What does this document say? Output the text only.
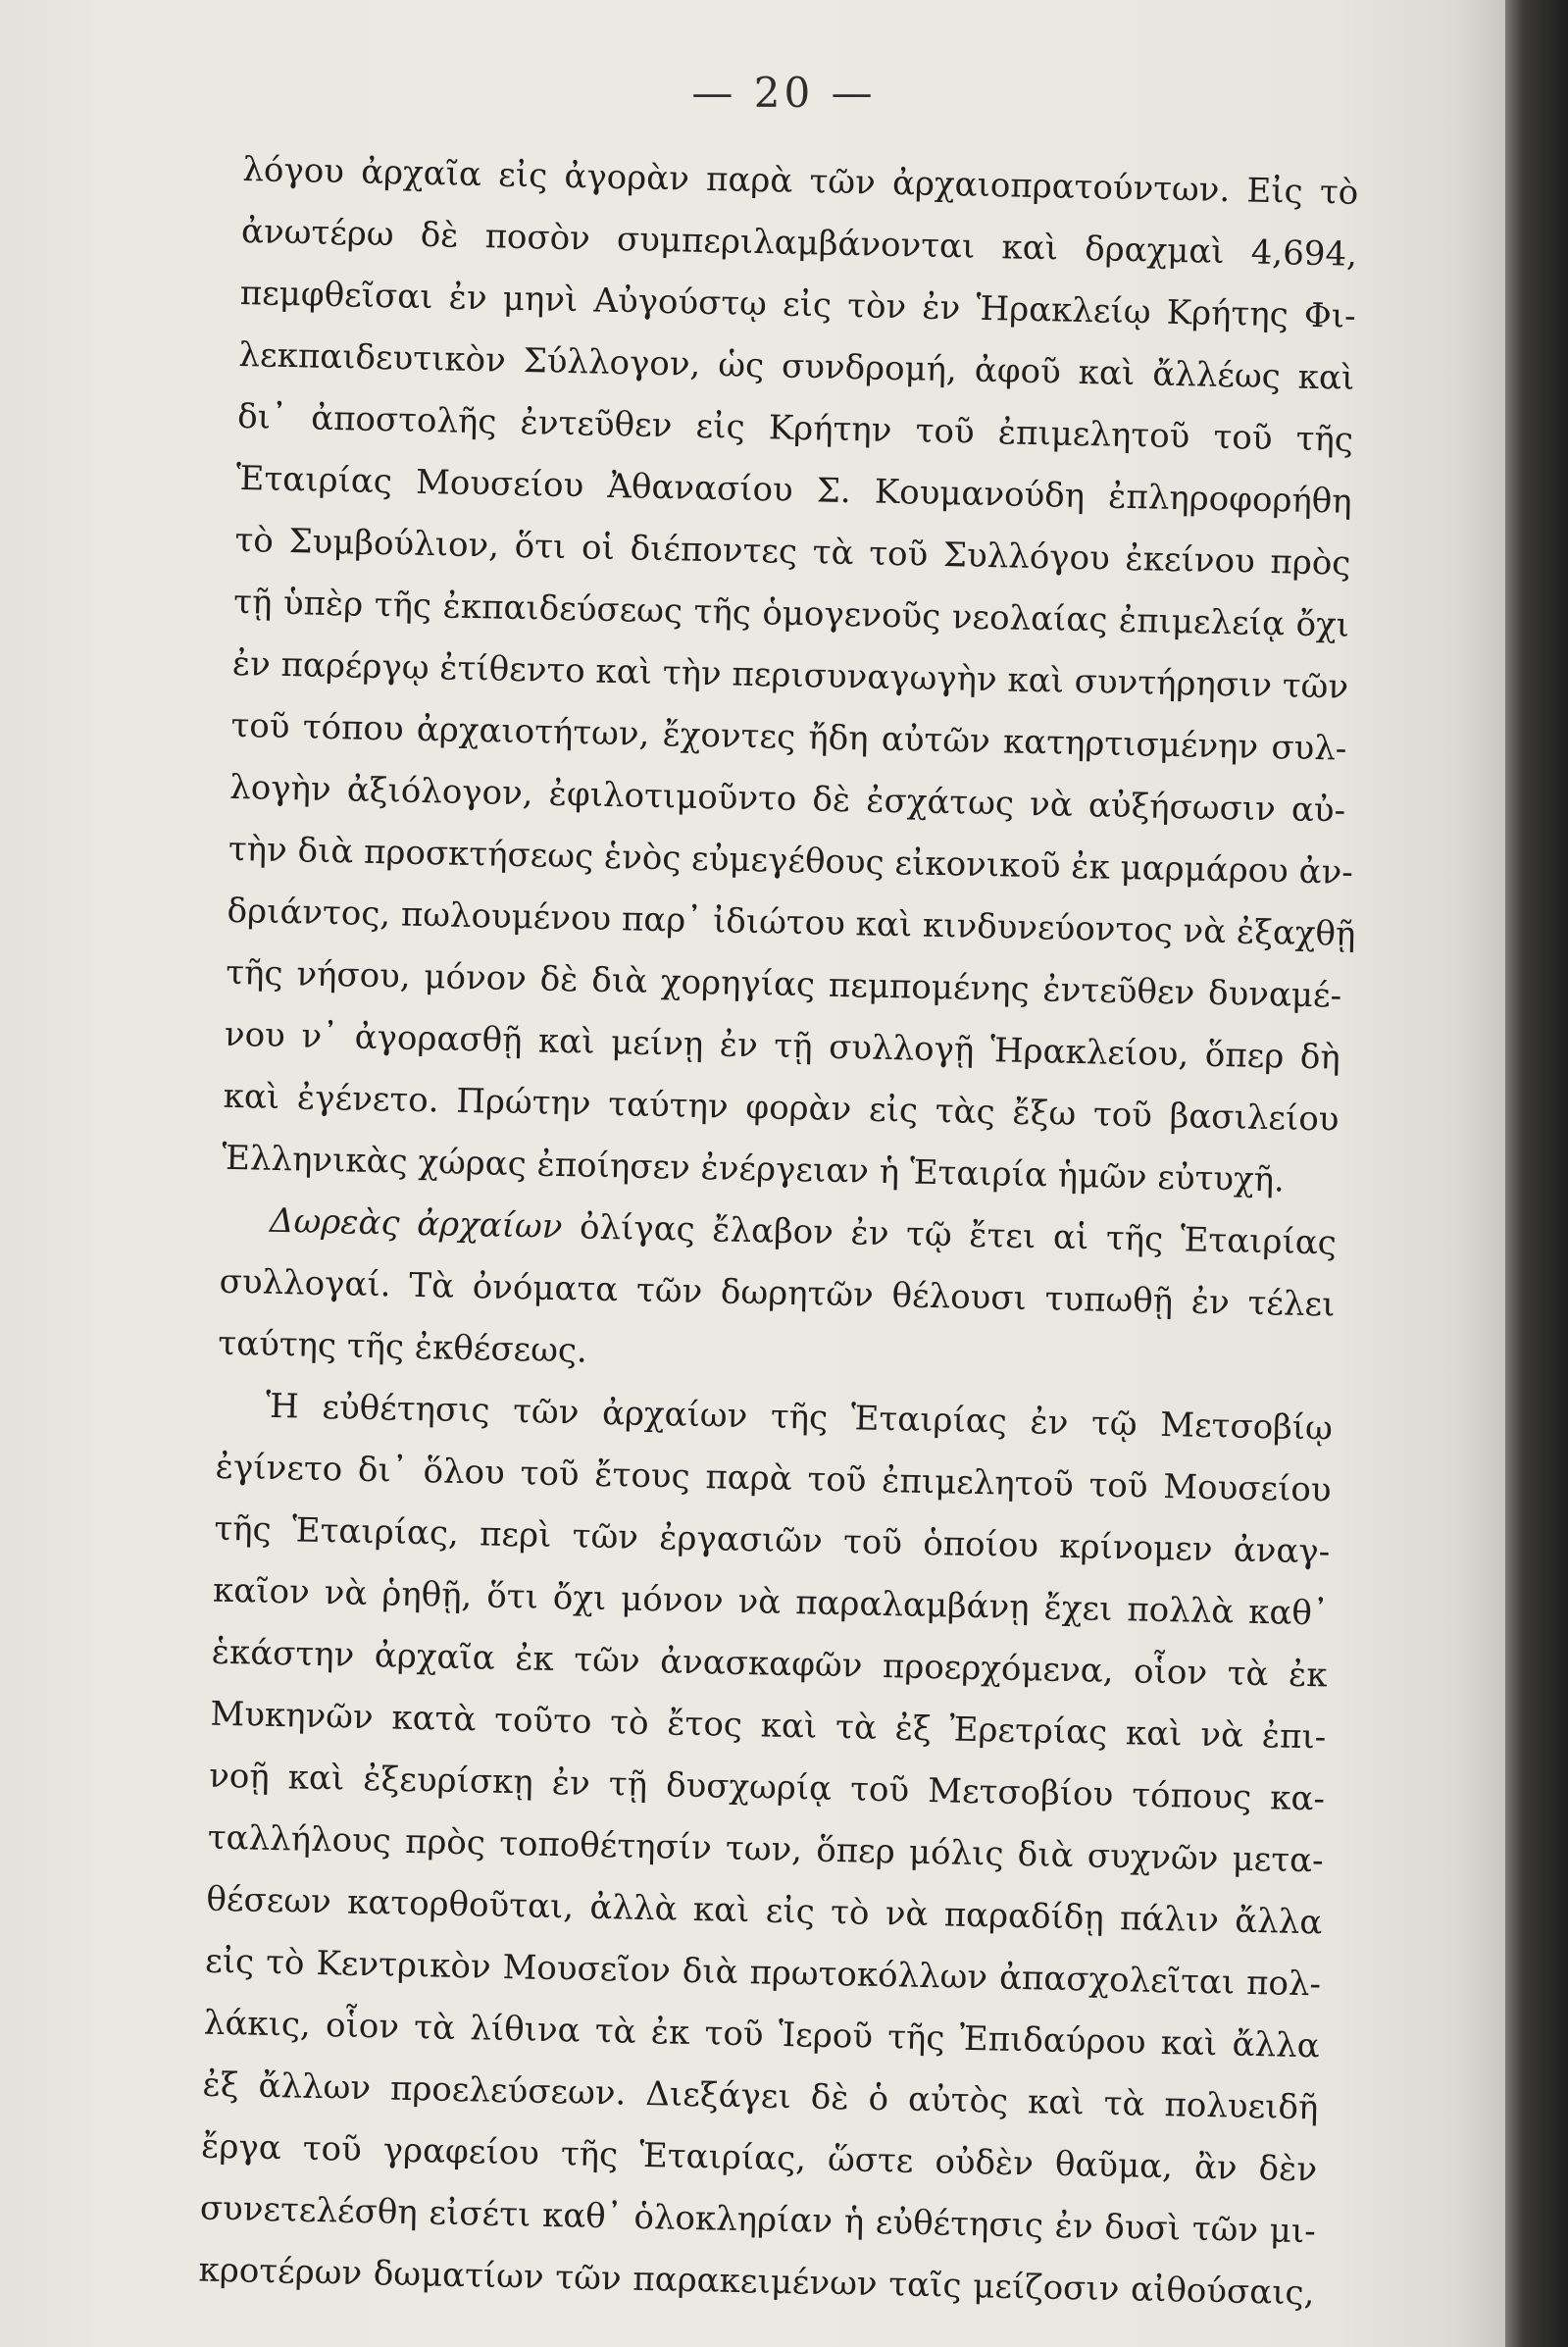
— 20 —
λόγου ἀρχαῖα εἰς ἀγορὰν παρὰ τῶν ἀρχαιοπρατούντων. Εἰς τὸ
ἀνωτέρω δὲ ποσὸν συμπεριλαμβάνονται καὶ δραχμαὶ 4,694,
πεμφθεῖσαι ἐν μηνὶ Αὐγούστῳ εἰς τὸν ἐν Ἡρακλείῳ Κρήτης Φι-
λεκπαιδευτικὸν Σύλλογον, ὡς συνδρομή, ἀφοῦ καὶ ἄλλέως καὶ
δι᾿ ἀποστολῆς ἐντεῦθεν εἰς Κρήτην τοῦ ἐπιμελητοῦ τοῦ τῆς
Ἑταιρίας Μουσείου Ἀθανασίου Σ. Κουμανούδη ἐπληροφορήθη
τὸ Συμβούλιον, ὅτι οἱ διέποντες τὰ τοῦ Συλλόγου ἐκείνου πρὸς
τῇ ὑπὲρ τῆς ἐκπαιδεύσεως τῆς ὁμογενοῦς νεολαίας ἐπιμελείᾳ ὄχι
ἐν παρέργῳ ἐτίθεντο καὶ τὴν περισυναγωγὴν καὶ συντήρησιν τῶν
τοῦ τόπου ἀρχαιοτήτων, ἔχοντες ἤδη αὐτῶν κατηρτισμένην συλ-
λογὴν ἀξιόλογον, ἐφιλοτιμοῦντο δὲ ἐσχάτως νὰ αὐξήσωσιν αὐ-
τὴν διὰ προσκτήσεως ἑνὸς εὐμεγέθους εἰκονικοῦ ἐκ μαρμάρου ἀν-
δριάντος, πωλουμένου παρ᾿ ἰδιώτου καὶ κινδυνεύοντος νὰ ἐξαχθῇ
τῆς νήσου, μόνον δὲ διὰ χορηγίας πεμπομένης ἐντεῦθεν δυναμέ-
νου ν᾿ ἀγορασθῇ καὶ μείνῃ ἐν τῇ συλλογῇ Ἡρακλείου, ὅπερ δὴ
καὶ ἐγένετο. Πρώτην ταύτην φορὰν εἰς τὰς ἔξω τοῦ βασιλείου
Ἑλληνικὰς χώρας ἐποίησεν ἐνέργειαν ἡ Ἑταιρία ἡμῶν εὐτυχῆ.
Δωρεὰς ἀρχαίων ὀλίγας ἔλαβον ἐν τῷ ἔτει αἱ τῆς Ἑταιρίας
συλλογαί. Τὰ ὀνόματα τῶν δωρητῶν θέλουσι τυπωθῇ ἐν τέλει
ταύτης τῆς ἐκθέσεως.
Ἡ εὐθέτησις τῶν ἀρχαίων τῆς Ἑταιρίας ἐν τῷ Μετσοβίῳ
ἐγίνετο δι᾿ ὅλου τοῦ ἔτους παρὰ τοῦ ἐπιμελητοῦ τοῦ Μουσείου
τῆς Ἑταιρίας, περὶ τῶν ἐργασιῶν τοῦ ὁποίου κρίνομεν ἀναγ-
καῖον νὰ ῥηθῇ, ὅτι ὄχι μόνον νὰ παραλαμβάνῃ ἔχει πολλὰ καθ᾿
ἑκάστην ἀρχαῖα ἐκ τῶν ἀνασκαφῶν προερχόμενα, οἷον τὰ ἐκ
Μυκηνῶν κατὰ τοῦτο τὸ ἔτος καὶ τὰ ἐξ Ἐρετρίας καὶ νὰ ἐπι-
νοῇ καὶ ἐξευρίσκῃ ἐν τῇ δυσχωρίᾳ τοῦ Μετσοβίου τόπους κα-
ταλλήλους πρὸς τοποθέτησίν των, ὅπερ μόλις διὰ συχνῶν μετα-
θέσεων κατορθοῦται, ἀλλὰ καὶ εἰς τὸ νὰ παραδίδῃ πάλιν ἄλλα
εἰς τὸ Κεντρικὸν Μουσεῖον διὰ πρωτοκόλλων ἀπασχολεῖται πολ-
λάκις, οἷον τὰ λίθινα τὰ ἐκ τοῦ Ἱεροῦ τῆς Ἐπιδαύρου καὶ ἄλλα
ἐξ ἄλλων προελεύσεων. Διεξάγει δὲ ὁ αὐτὸς καὶ τὰ πολυειδῆ
ἔργα τοῦ γραφείου τῆς Ἑταιρίας, ὥστε οὐδὲν θαῦμα, ἂν δὲν
συνετελέσθη εἰσέτι καθ᾿ ὁλοκληρίαν ἡ εὐθέτησις ἐν δυσὶ τῶν μι-
κροτέρων δωματίων τῶν παρακειμένων ταῖς μείζοσιν αἰθούσαις,
